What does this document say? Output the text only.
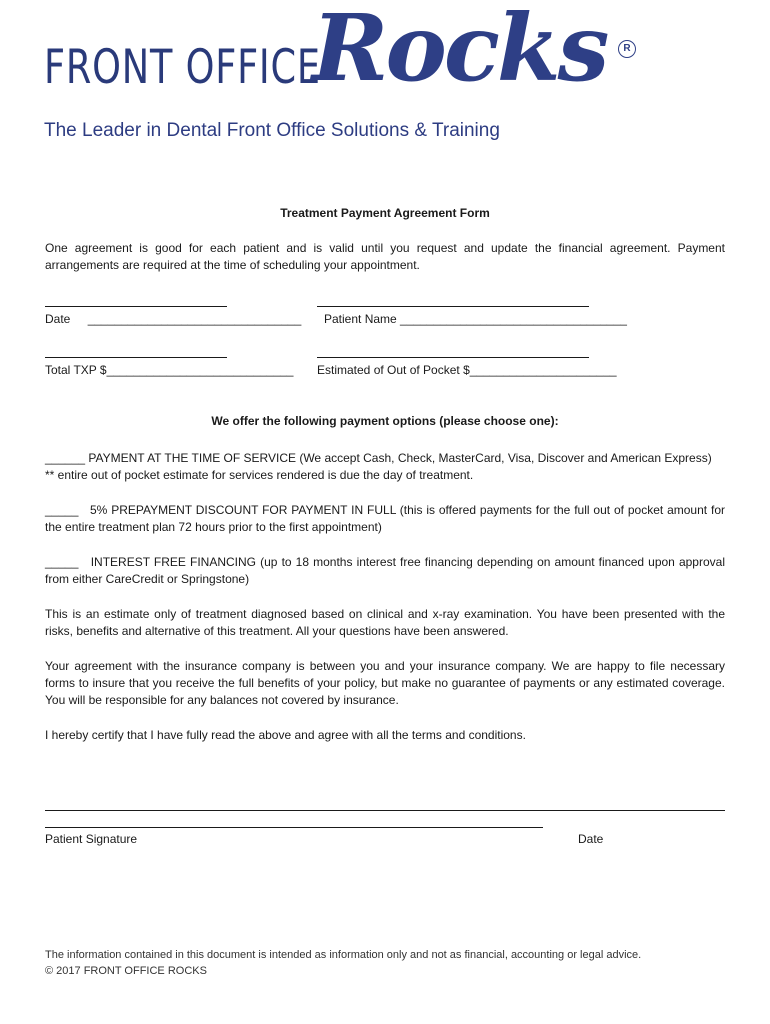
FRONT OFFICE
Rocks	R
The Leader in Dental Front Office Solutions & Training
Treatment Payment Agreement Form

One agreement is good for each patient and is valid until you request and update the financial agreement. Payment arrangements are required at the time of scheduling your appointment.

Date ________________________________ Patient Name __________________________________
Total TXP $____________________________ Estimated of Out of Pocket $______________________
We offer the following payment options (please choose one):

______ PAYMENT AT THE TIME OF SERVICE (We accept Cash, Check, MasterCard, Visa, Discover and American Express)
** entire out of pocket estimate for services rendered is due the day of treatment.

_____ 5% PREPAYMENT DISCOUNT FOR PAYMENT IN FULL (this is offered payments for the full out of pocket amount for the entire treatment plan 72 hours prior to the first appointment)

_____ INTEREST FREE FINANCING (up to 18 months interest free financing depending on amount financed upon approval from either CareCredit or Springstone)

This is an estimate only of treatment diagnosed based on clinical and x-ray examination. You have been presented with the risks, benefits and alternative of this treatment. All your questions have been answered.

Your agreement with the insurance company is between you and your insurance company. We are happy to file necessary forms to insure that you receive the full benefits of your policy, but make no guarantee of payments or any estimated coverage. You will be responsible for any balances not covered by insurance.

I hereby certify that I have fully read the above and agree with all the terms and conditions.

Patient Signature	Date
The information contained in this document is intended as information only and not as financial, accounting or legal advice.
© 2017 FRONT OFFICE ROCKS
